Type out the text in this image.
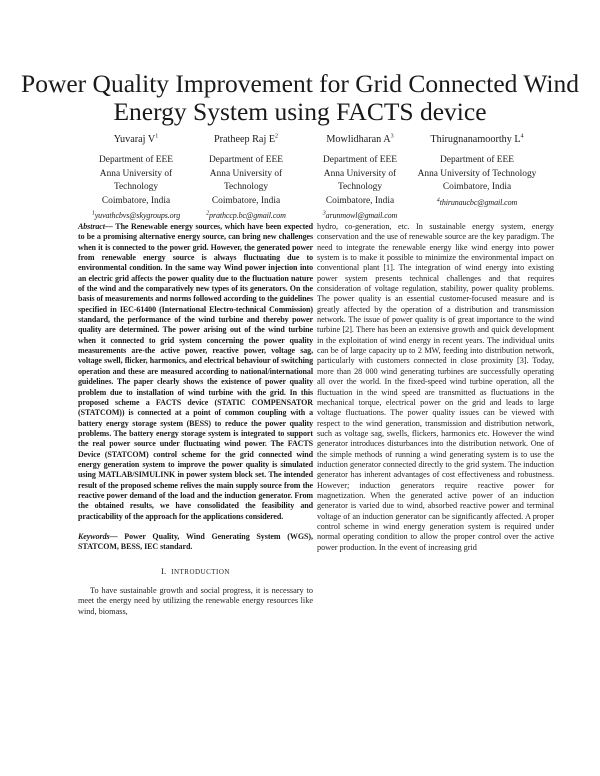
Power Quality Improvement for Grid Connected Wind Energy System using FACTS device
Yuvaraj $V^1$
Department of EEE
Anna University of Technology
Coimbatore, India
$^1$yuvathcbvs@skygroups.org
Pratheep Raj $E^2$
Department of EEE
Anna University of Technology
Coimbatore, India
$^2$prathccp.bc@gmail.com
Mowlidharan $A^3$
Department of EEE
Anna University of Technology
Coimbatore, India
$^3$arunmowl@gmail.com
Thirugnanamoorthy $L^4$
Department of EEE
Anna University of Technology
Coimbatore, India
$^4$thirunaucbc@gmail.com
Abstract— The Renewable energy sources, which have been expected to be a promising alternative energy source, can bring new challenges when it is connected to the power grid. However, the generated power from renewable energy source is always fluctuating due to environmental condition. In the same way Wind power injection into an electric grid affects the power quality due to the fluctuation nature of the wind and the comparatively new types of its generators. On the basis of measurements and norms followed according to the guidelines specified in IEC-61400 (International Electro-technical Commission) standard, the performance of the wind turbine and thereby power quality are determined. The power arising out of the wind turbine when it connected to grid system concerning the power quality measurements are-the active power, reactive power, voltage sag, voltage swell, flicker, harmonics, and electrical behaviour of switching operation and these are measured according to national/international guidelines. The paper clearly shows the existence of power quality problem due to installation of wind turbine with the grid. In this proposed scheme a FACTS device (STATIC COMPENSATOR (STATCOM)) is connected at a point of common coupling with a battery energy storage system (BESS) to reduce the power quality problems. The battery energy storage system is integrated to support the real power source under fluctuating wind power. The FACTS Device (STATCOM) control scheme for the grid connected wind energy generation system to improve the power quality is simulated using MATLAB/SIMULINK in power system block set. The intended result of the proposed scheme relives the main supply source from the reactive power demand of the load and the induction generator. From the obtained results, we have consolidated the feasibility and practicability of the approach for the applications considered.
Keywords— Power Quality, Wind Generating System (WGS), STATCOM, BESS, IEC standard.
I. INTRODUCTION
To have sustainable growth and social progress, it is necessary to meet the energy need by utilizing the renewable energy resources like wind, biomass,
hydro, co-generation, etc. In sustainable energy system, energy conservation and the use of renewable source are the key paradigm. The need to integrate the renewable energy like wind energy into power system is to make it possible to minimize the environmental impact on conventional plant [1]. The integration of wind energy into existing power system presents technical challenges and that requires consideration of voltage regulation, stability, power quality problems. The power quality is an essential customer-focused measure and is greatly affected by the operation of a distribution and transmission network. The issue of power quality is of great importance to the wind turbine [2]. There has been an extensive growth and quick development in the exploitation of wind energy in recent years. The individual units can be of large capacity up to 2 MW, feeding into distribution network, particularly with customers connected in close proximity [3]. Today, more than 28 000 wind generating turbines are successfully operating all over the world. In the fixed-speed wind turbine operation, all the fluctuation in the wind speed are transmitted as fluctuations in the mechanical torque, electrical power on the grid and leads to large voltage fluctuations. The power quality issues can be viewed with respect to the wind generation, transmission and distribution network, such as voltage sag, swells, flickers, harmonics etc. However the wind generator introduces disturbances into the distribution network. One of the simple methods of running a wind generating system is to use the induction generator connected directly to the grid system. The induction generator has inherent advantages of cost effectiveness and robustness. However; induction generators require reactive power for magnetization. When the generated active power of an induction generator is varied due to wind, absorbed reactive power and terminal voltage of an induction generator can be significantly affected. A proper control scheme in wind energy generation system is required under normal operating condition to allow the proper control over the active power production. In the event of increasing grid
